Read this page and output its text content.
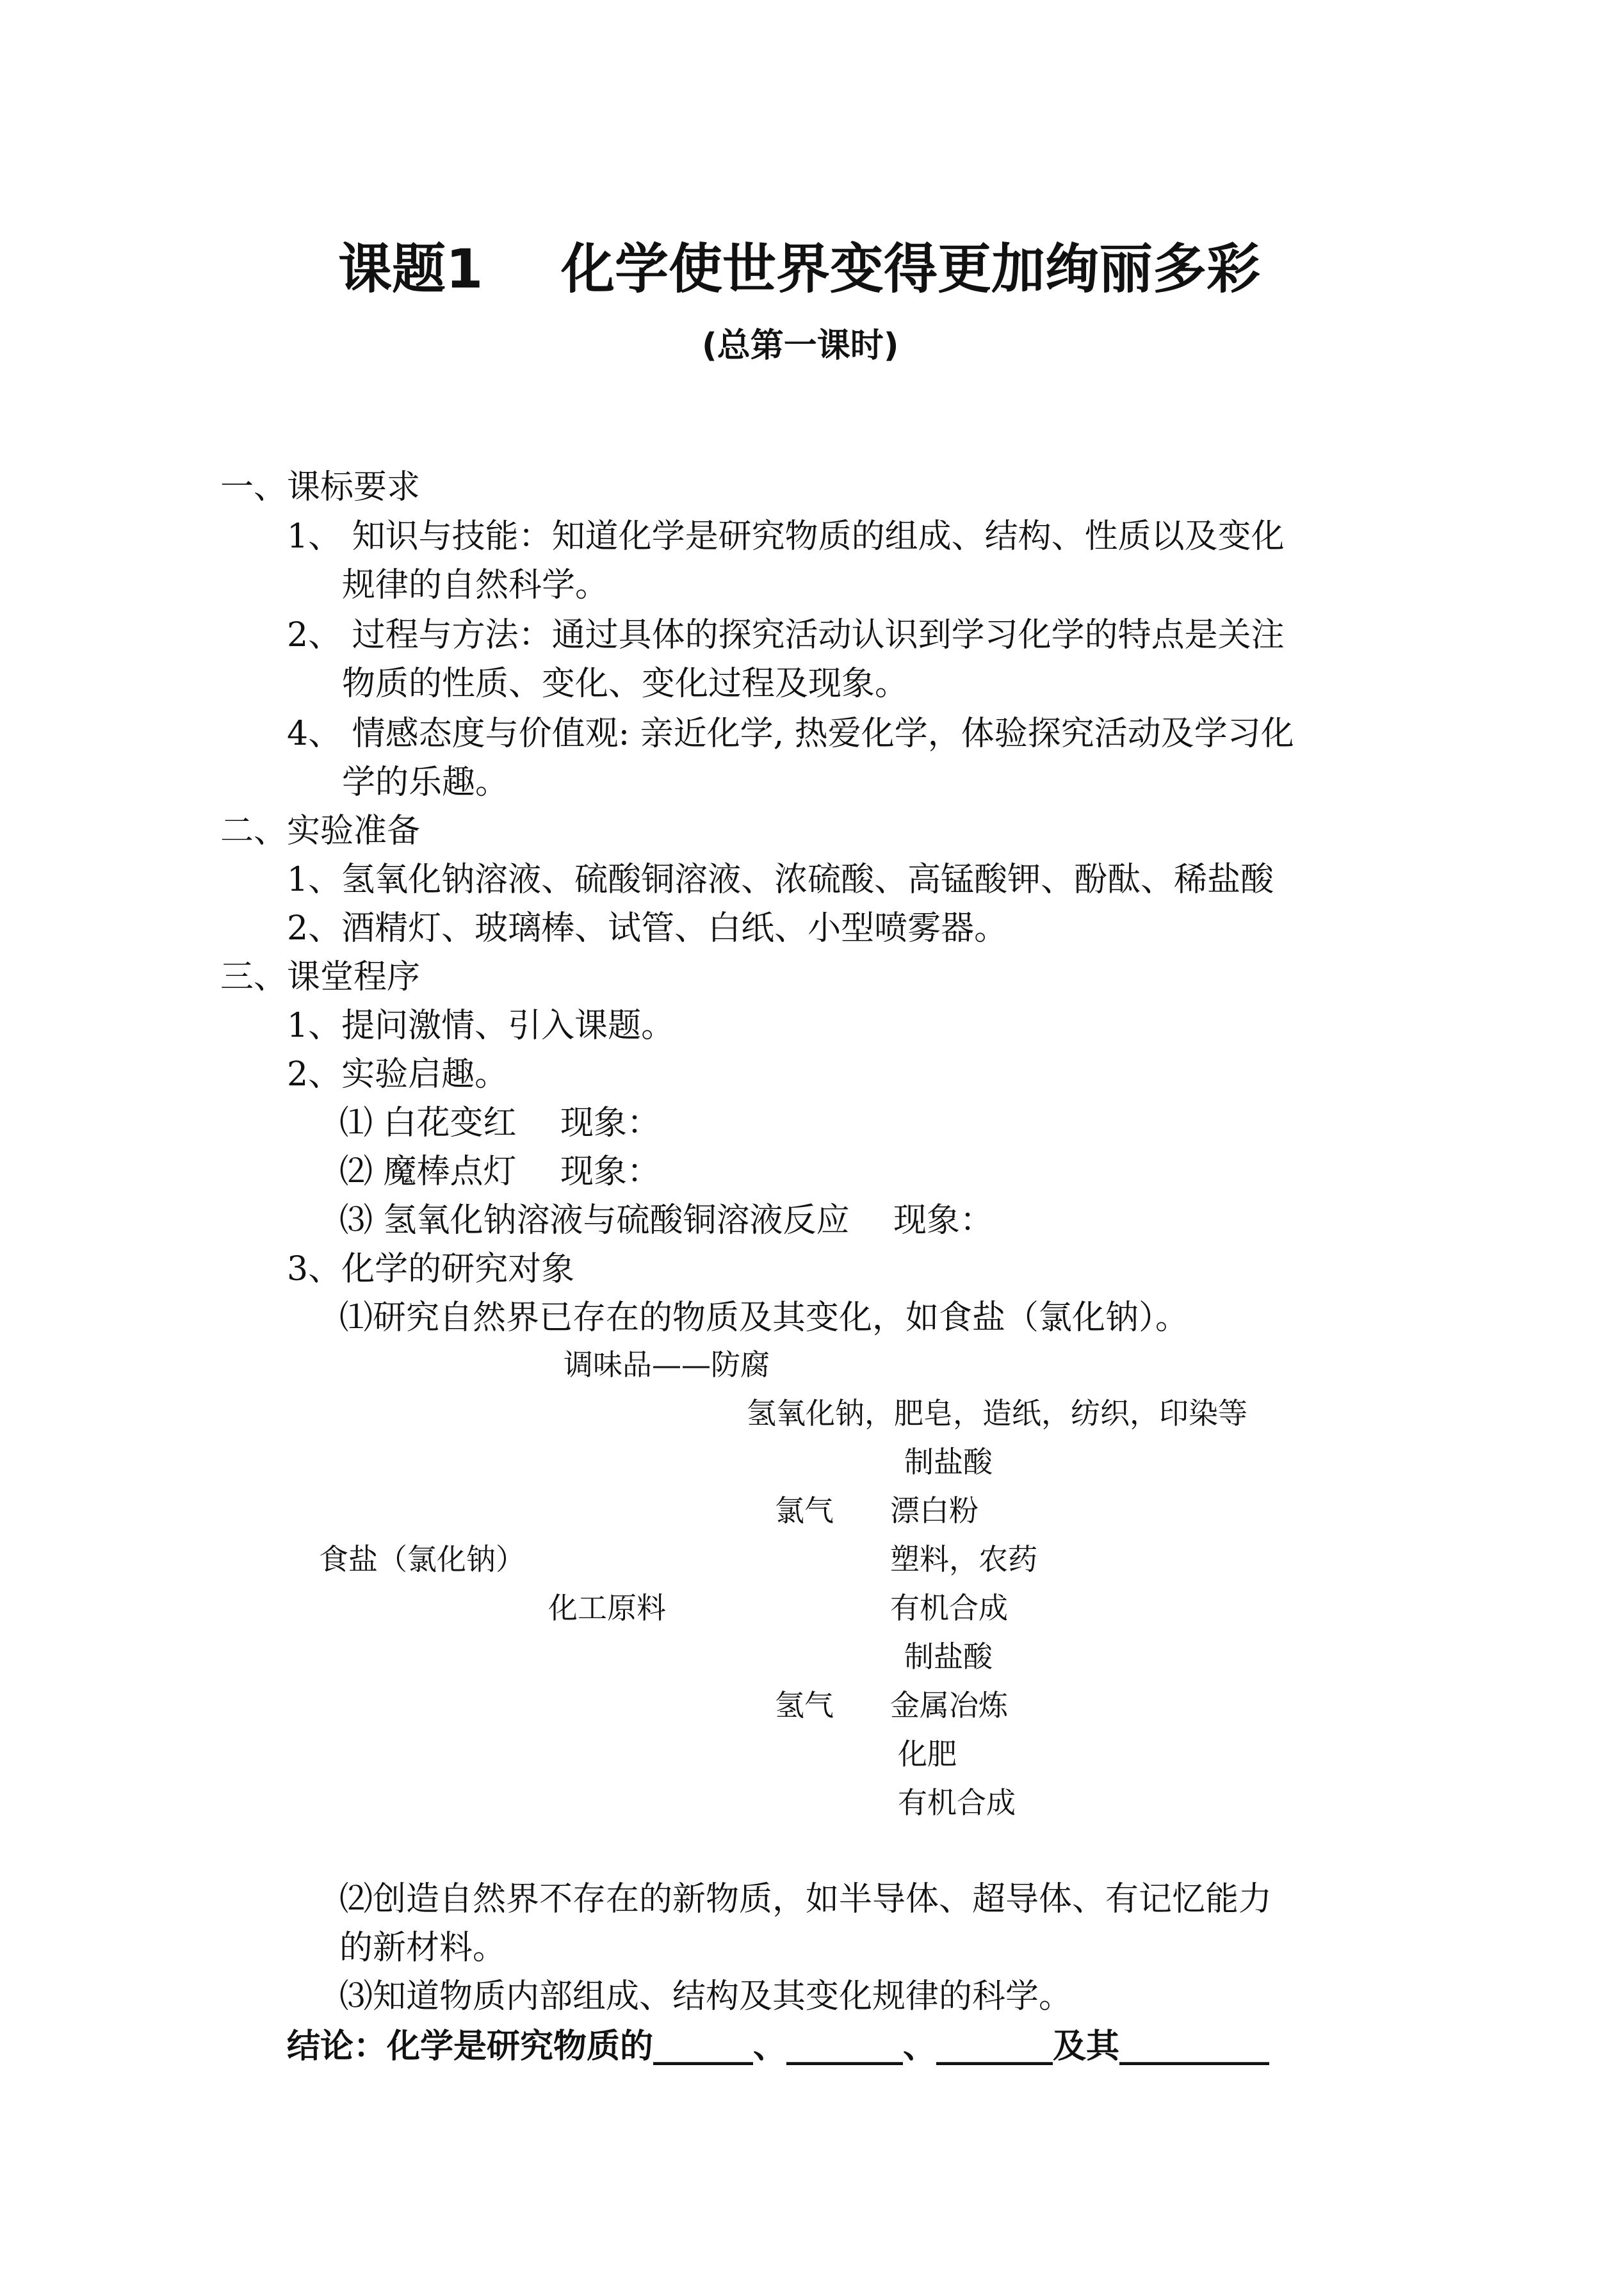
课题1 化学使世界变得更加绚丽多彩
(总第一课时)
一、课标要求
1、 知识与技能：知道化学是研究物质的组成、结构、性质以及变化
规律的自然科学。
2、 过程与方法：通过具体的探究活动认识到学习化学的特点是关注
物质的性质、变化、变化过程及现象。
4、 情感态度与价值观: 亲近化学, 热爱化学，体验探究活动及学习化
学的乐趣。
二、实验准备
1、氢氧化钠溶液、硫酸铜溶液、浓硫酸、高锰酸钾、酚酞、稀盐酸
2、酒精灯、玻璃棒、试管、白纸、小型喷雾器。
三、课堂程序
1、提问激情、引入课题。
2、实验启趣。
⑴ 白花变红　 现象：
⑵ 魔棒点灯　 现象：
⑶ 氢氧化钠溶液与硫酸铜溶液反应　 现象：
3、化学的研究对象
⑴研究自然界已存在的物质及其变化，如食盐（氯化钠）。
调味品——防腐
氢氧化钠，肥皂，造纸，纺织，印染等
制盐酸
氯气 漂白粉
食盐（氯化钠）	塑料，农药
化工原料	有机合成
制盐酸
氢气 金属冶炼
化肥
有机合成
⑵创造自然界不存在的新物质，如半导体、超导体、有记忆能力
的新材料。
⑶知道物质内部组成、结构及其变化规律的科学。
结论：化学是研究物质的______、_______、_______及其_________
